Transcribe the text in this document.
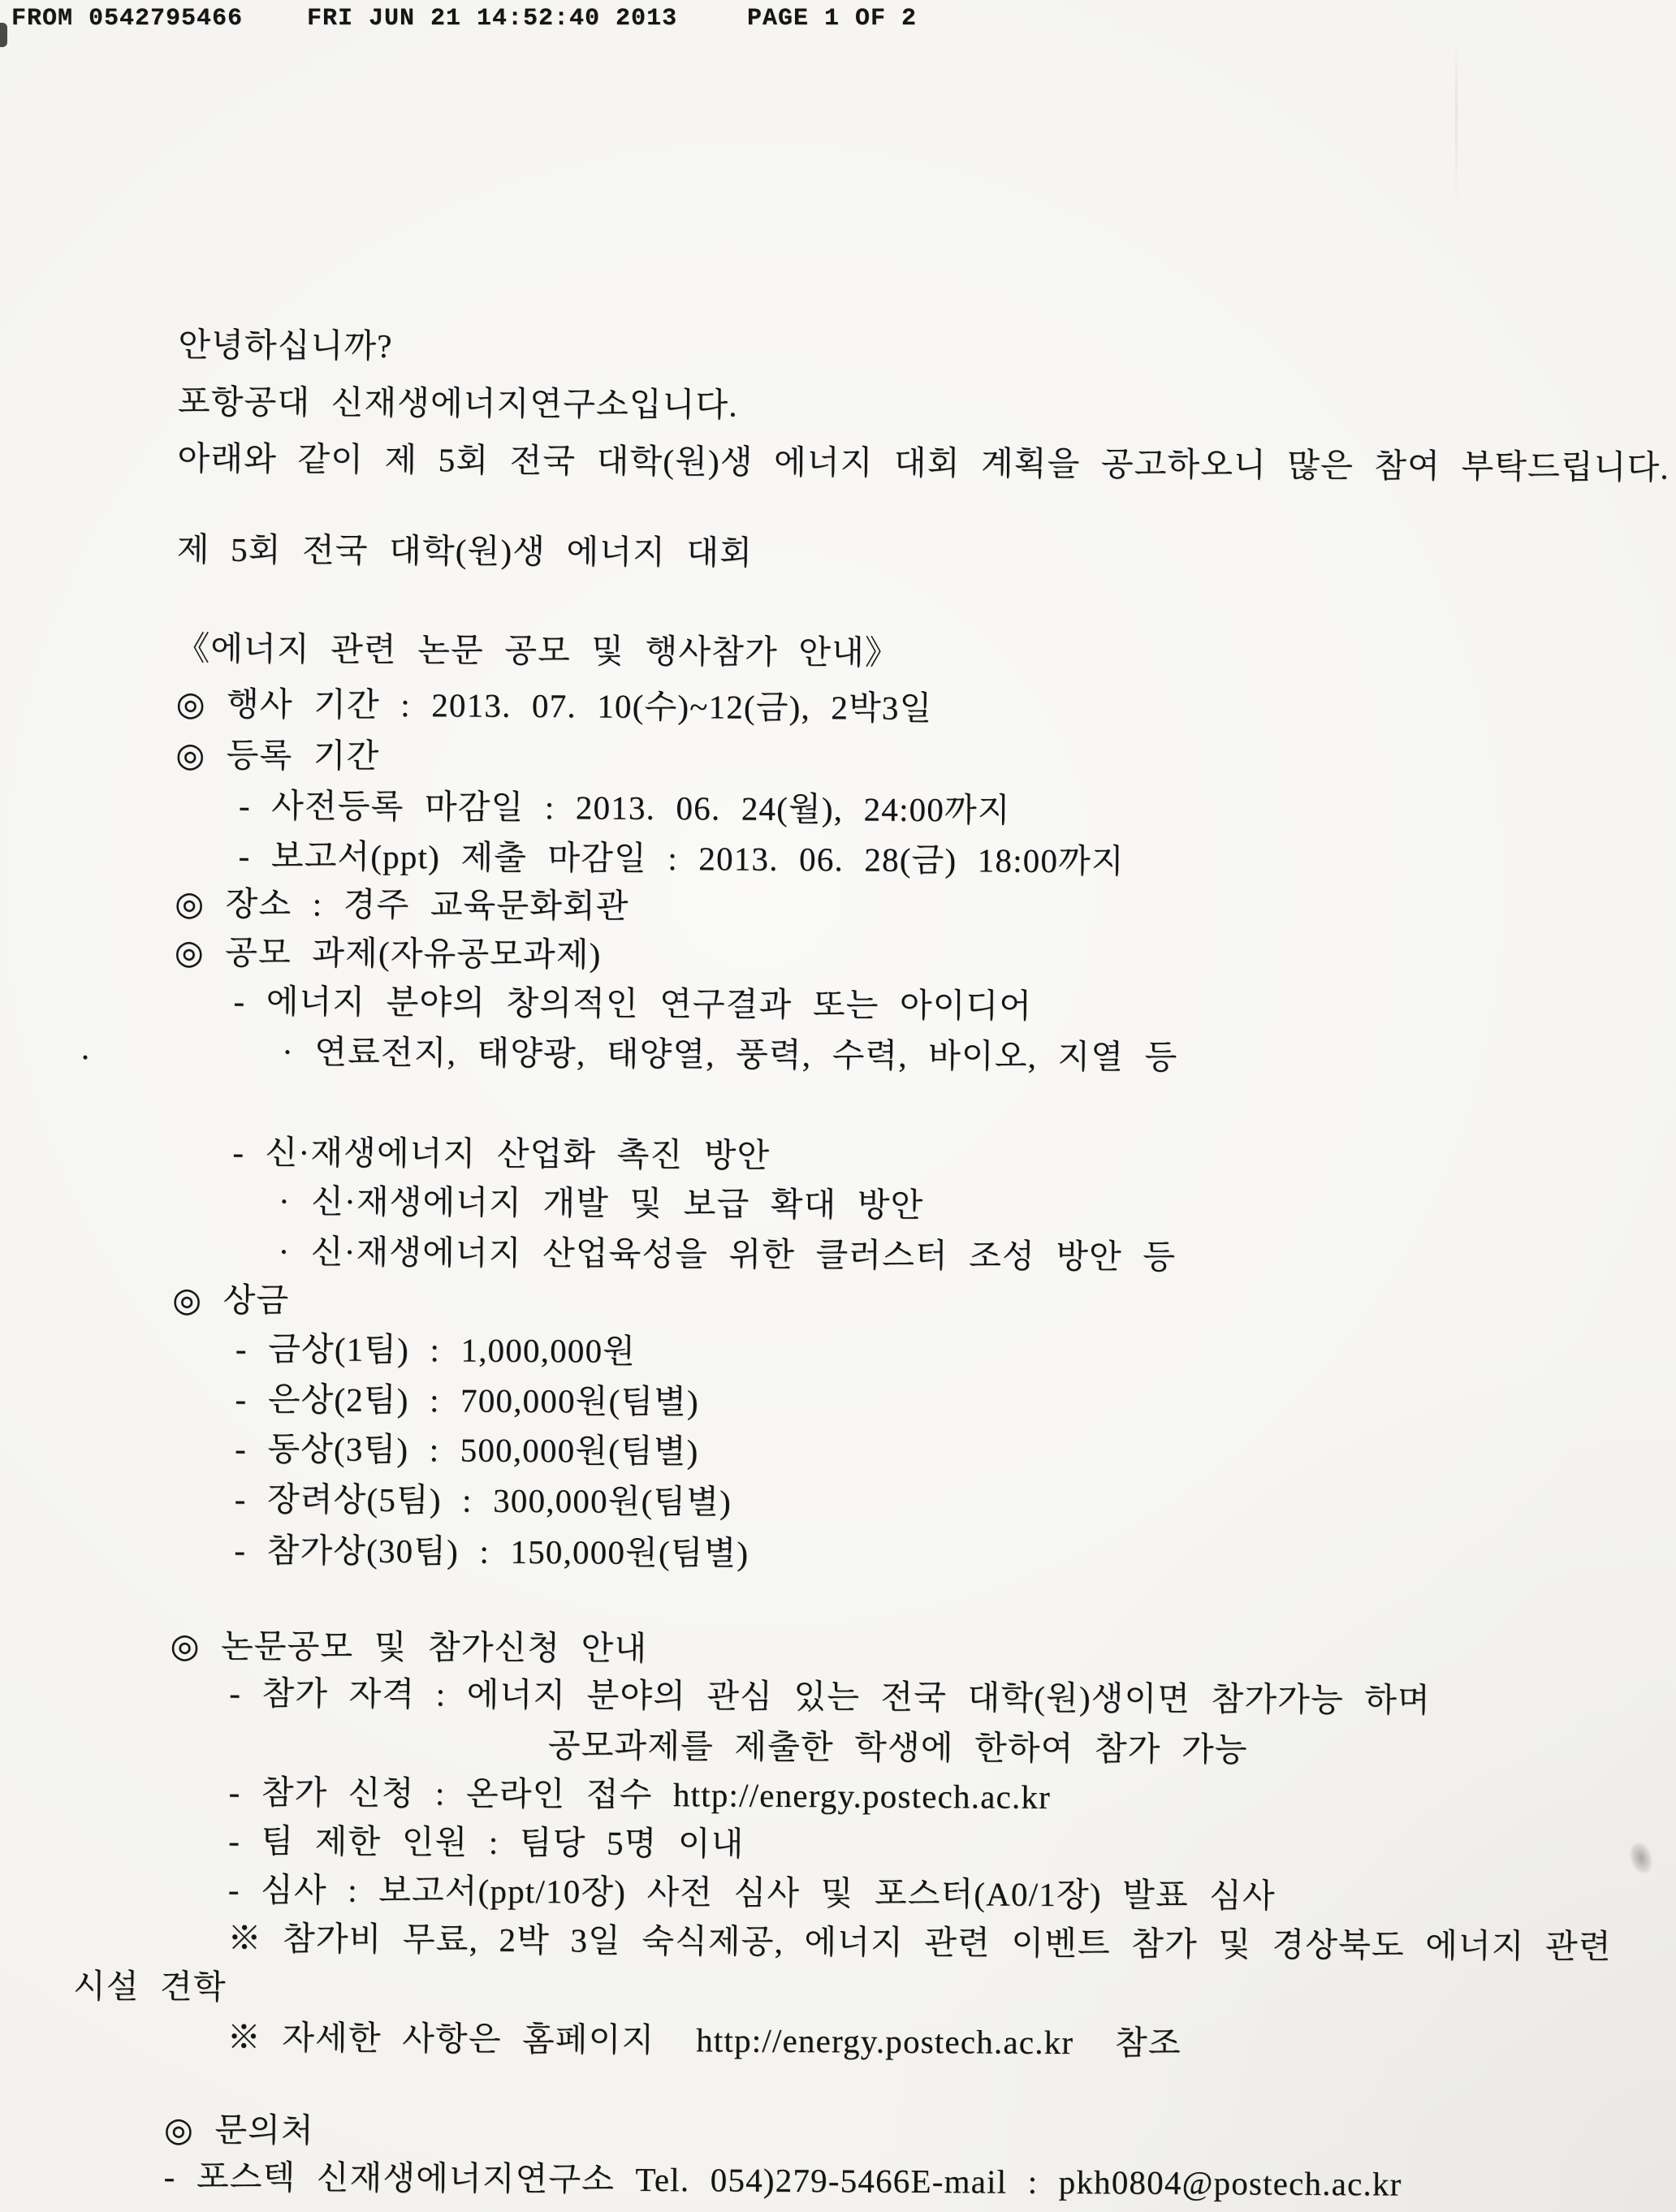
FROM 0542795466

	FRI JUN 21 14:52:40 2013

	PAGE 1 OF 2

안녕하십니까?
포항공대 신재생에너지연구소입니다.
아래와 같이 제 5회 전국 대학(원)생 에너지 대회 계획을 공고하오니 많은 참여 부탁드립니다.
제 5회 전국 대학(원)생 에너지 대회
《에너지 관련 논문 공모 및 행사참가 안내》
◎ 행사 기간 : 2013. 07. 10(수)~12(금), 2박3일
◎ 등록 기간
- 사전등록 마감일 : 2013. 06. 24(월), 24:00까지
- 보고서(ppt) 제출 마감일 : 2013. 06. 28(금) 18:00까지
◎ 장소 : 경주 교육문화회관
◎ 공모 과제(자유공모과제)
- 에너지 분야의 창의적인 연구결과 또는 아이디어
·	· 연료전지, 태양광, 태양열, 풍력, 수력, 바이오, 지열 등
- 신·재생에너지 산업화 촉진 방안
· 신·재생에너지 개발 및 보급 확대 방안
· 신·재생에너지 산업육성을 위한 클러스터 조성 방안 등
◎ 상금
- 금상(1팀) : 1,000,000원
- 은상(2팀) : 700,000원(팀별)
- 동상(3팀) : 500,000원(팀별)
- 장려상(5팀) : 300,000원(팀별)
- 참가상(30팀) : 150,000원(팀별)
◎ 논문공모 및 참가신청 안내
- 참가 자격 : 에너지 분야의 관심 있는 전국 대학(원)생이면 참가가능 하며
공모과제를 제출한 학생에 한하여 참가 가능
- 참가 신청 : 온라인 접수 http://energy.postech.ac.kr
- 팀 제한 인원 : 팀당 5명 이내
- 심사 : 보고서(ppt/10장) 사전 심사 및 포스터(A0/1장) 발표 심사
※ 참가비 무료, 2박 3일 숙식제공, 에너지 관련 이벤트 참가 및 경상북도 에너지 관련
시설 견학
※ 자세한 사항은 홈페이지  http://energy.postech.ac.kr  참조
◎ 문의처
- 포스텍 신재생에너지연구소 Tel. 054)279-5466E-mail : pkh0804@postech.ac.kr
